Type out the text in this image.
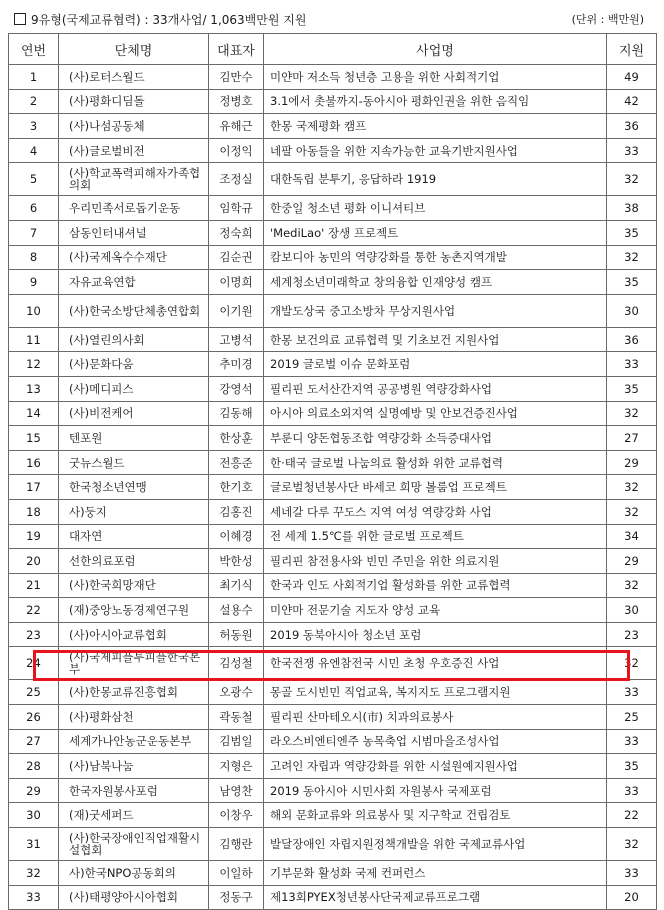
9유형(국제교류협력) : 33개사업/ 1,063백만원 지원	(단위 : 백만원)
연번	단체명	대표자	사업명	지원
1	(사)로터스월드	김만수	미얀마 저소득 청년층 고용을 위한 사회적기업	49
2	(사)평화디딤돌	정병호	3.1에서 촛불까지-동아시아 평화인권을 위한 음직임	42
3	(사)나섬공동체	유해근	한몽 국제평화 캠프	36
4	(사)글로벌비전	이정익	네팔 아동들을 위한 지속가능한 교육기반지원사업	33
5	(사)학교폭력피해자가족협의회	조정실	대한독립 분투기, 응답하라 1919	32
6	우리민족서로돕기운동	임학규	한중일 청소년 평화 이니셔티브	38
7	삼동인터내셔널	정숙희	'MediLao' 장생 프로젝트	35
8	(사)국제옥수수재단	김순권	캄보디아 농민의 역량강화를 통한 농촌지역개발	32
9	자유교육연합	이명희	세계청소년미래학교 창의융합 인재양성 캠프	35
10	(사)한국소방단체총연합회	이기원	개발도상국 중고소방차 무상지원사업	30
11	(사)열린의사회	고병석	한몽 보건의료 교류협력 및 기초보건 지원사업	36
12	(사)문화다움	추미경	2019 글로벌 이슈 문화포럼	33
13	(사)메디피스	강영석	필리핀 도서산간지역 공공병원 역량강화사업	35
14	(사)비전케어	김동해	아시아 의료소외지역 실명예방 및 안보건증진사업	32
15	텐포원	한상훈	부룬디 양돈협동조합 역량강화 소득증대사업	27
16	굿뉴스월드	전흥준	한·태국 글로벌 나눔의료 활성화 위한 교류협력	29
17	한국청소년연맹	한기호	글로벌청년봉사단 바세코 희망 볼룸업 프로젝트	32
18	사)둥지	김홍진	세네갈 다루 꾸도스 지역 여성 역량강화 사업	32
19	대자연	이혜경	전 세계 1.5℃를 위한 글로벌 프로젝트	34
20	선한의료포럼	박한성	필리핀 참전용사와 빈민 주민을 위한 의료지원	29
21	(사)한국희망재단	최기식	한국과 인도 사회적기업 활성화를 위한 교류협력	32
22	(재)중앙노동경제연구원	설용수	미얀마 전문기술 지도자 양성 교육	30
23	(사)아시아교류협회	허동원	2019 동북아시아 청소년 포럼	23
24	(사)국제피플투피플한국본부	김성철	한국전쟁 유엔참전국 시민 초청 우호증진 사업	32
25	(사)한몽교류진흥협회	오광수	몽골 도시빈민 직업교육, 복지지도 프로그램지원	33
26	(사)평화삼천	곽동철	필리핀 산마테오시(市) 치과의료봉사	25
27	세계가나안농군운동본부	김범일	라오스비엔티엔주 농목축업 시범마을조성사업	33
28	(사)남북나눔	지형은	고려인 자립과 역량강화를 위한 시설원예지원사업	35
29	한국자원봉사포럼	남영찬	2019 동아시아 시민사회 자원봉사 국제포럼	33
30	(재)굿세퍼드	이창우	해외 문화교류와 의료봉사 및 지구학교 건립검토	22
31	(사)한국장애인직업재활시설협회	김행란	발달장애인 자립지원정책개발을 위한 국제교류사업	32
32	사)한국NPO공동회의	이일하	기부문화 활성화 국제 컨퍼런스	33
33	(사)태평양아시아협회	정동구	제13회PYEX청년봉사단국제교류프로그램	20
